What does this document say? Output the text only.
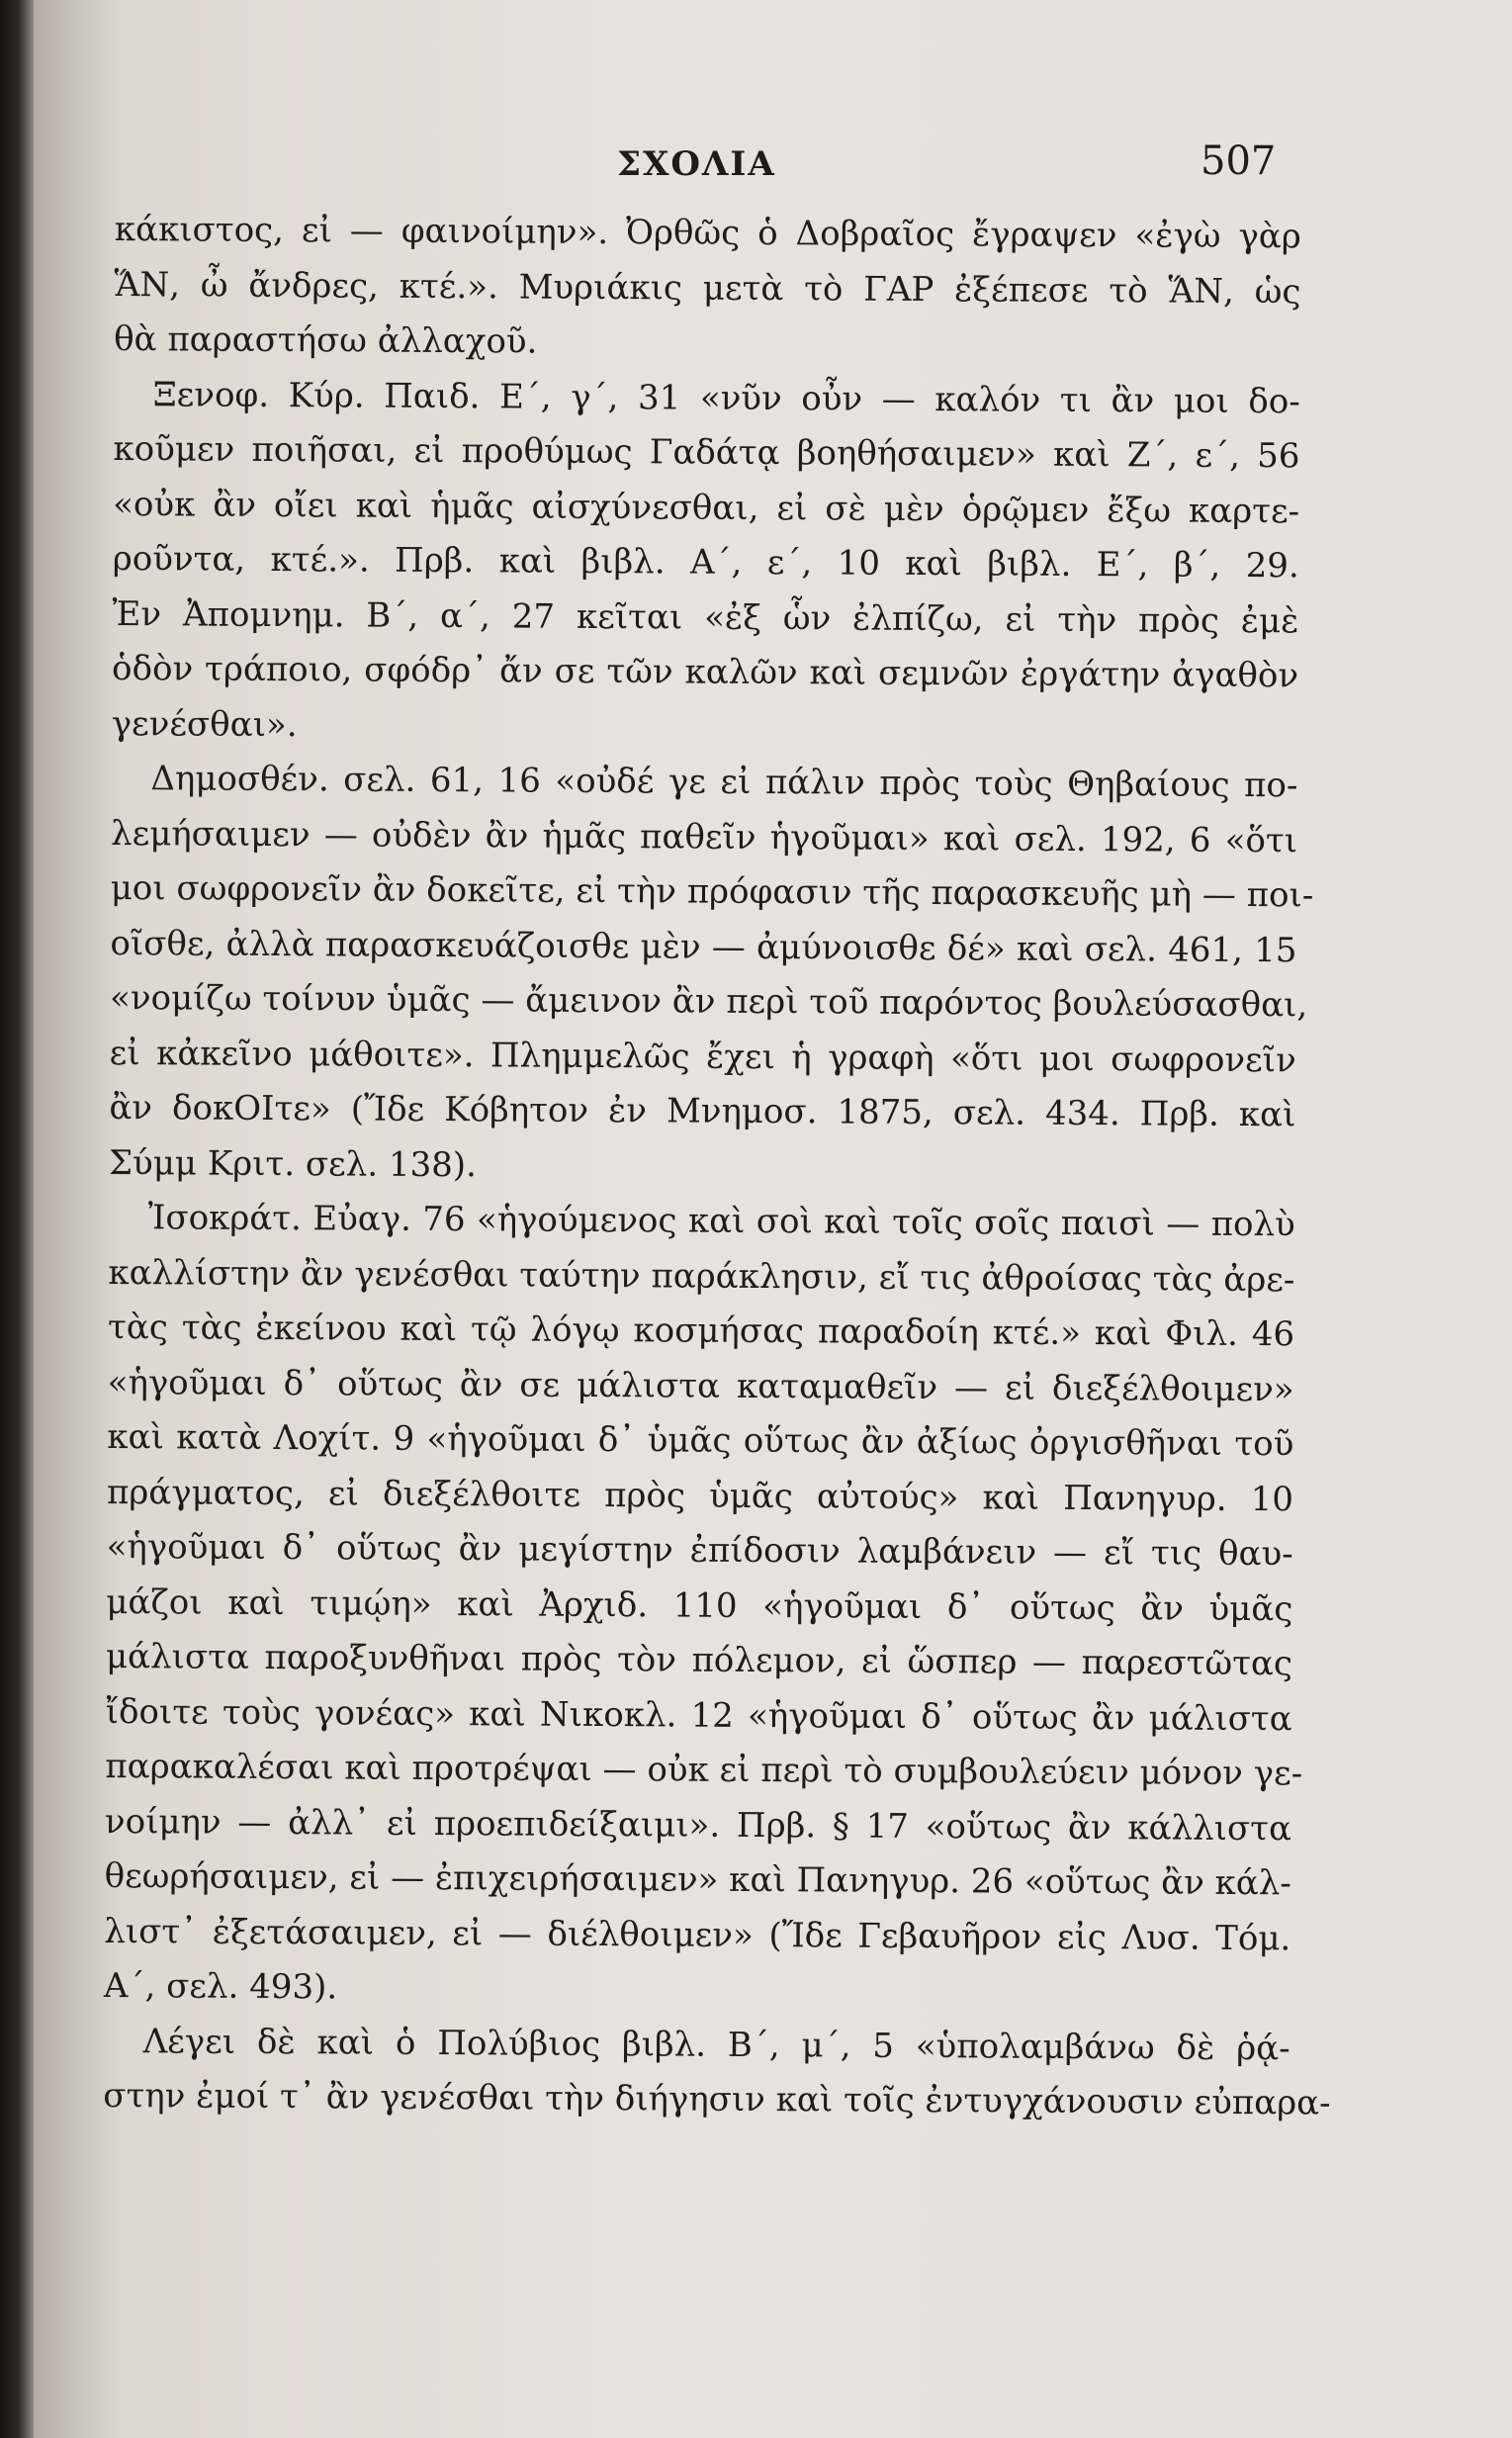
ΣΧΟΛΙΑ	507
κάκιστος, εἰ — φαινοίμην». Ὀρθῶς ὁ Δοβραῖος ἔγραψεν «ἐγὼ γὰρ
ἍΝ, ὦ ἄνδρες, κτέ.». Μυριάκις μετὰ τὸ ΓΑΡ ἐξέπεσε τὸ ἍΝ, ὡς
θὰ παραστήσω ἀλλαχοῦ.
Ξενοφ. Κύρ. Παιδ. Ε΄, γ΄, 31 «νῦν οὖν — καλόν τι ἂν μοι δο-
κοῦμεν ποιῆσαι, εἰ προθύμως Γαδάτᾳ βοηθήσαιμεν» καὶ Ζ΄, ε΄, 56
«οὐκ ἂν οἴει καὶ ἡμᾶς αἰσχύνεσθαι, εἰ σὲ μὲν ὁρῷμεν ἔξω καρτε-
ροῦντα, κτέ.». Πρβ. καὶ βιβλ. Α΄, ε΄, 10 καὶ βιβλ. Ε΄, β΄, 29.
Ἐν Ἀπομνημ. Β΄, α΄, 27 κεῖται «ἐξ ὧν ἐλπίζω, εἰ τὴν πρὸς ἐμὲ
ὁδὸν τράποιο, σφόδρ᾽ ἄν σε τῶν καλῶν καὶ σεμνῶν ἐργάτην ἀγαθὸν
γενέσθαι».
Δημοσθέν. σελ. 61, 16 «οὐδέ γε εἰ πάλιν πρὸς τοὺς Θηβαίους πο-
λεμήσαιμεν — οὐδὲν ἂν ἡμᾶς παθεῖν ἡγοῦμαι» καὶ σελ. 192, 6 «ὅτι
μοι σωφρονεῖν ἂν δοκεῖτε, εἰ τὴν πρόφασιν τῆς παρασκευῆς μὴ — ποι-
οῖσθε, ἀλλὰ παρασκευάζοισθε μὲν — ἀμύνοισθε δέ» καὶ σελ. 461, 15
«νομίζω τοίνυν ὑμᾶς — ἄμεινον ἂν περὶ τοῦ παρόντος βουλεύσασθαι,
εἰ κἀκεῖνο μάθοιτε». Πλημμελῶς ἔχει ἡ γραφὴ «ὅτι μοι σωφρονεῖν
ἂν δοκOIτε» (Ἴδε Κόβητον ἐν Μνημοσ. 1875, σελ. 434. Πρβ. καὶ
Σύμμ Κριτ. σελ. 138).
Ἰσοκράτ. Εὐαγ. 76 «ἡγούμενος καὶ σοὶ καὶ τοῖς σοῖς παισὶ — πολὺ
καλλίστην ἂν γενέσθαι ταύτην παράκλησιν, εἴ τις ἀθροίσας τὰς ἀρε-
τὰς τὰς ἐκείνου καὶ τῷ λόγῳ κοσμήσας παραδοίη κτέ.» καὶ Φιλ. 46
«ἡγοῦμαι δ᾽ οὕτως ἂν σε μάλιστα καταμαθεῖν — εἰ διεξέλθοιμεν»
καὶ κατὰ Λοχίτ. 9 «ἡγοῦμαι δ᾽ ὑμᾶς οὕτως ἂν ἀξίως ὀργισθῆναι τοῦ
πράγματος, εἰ διεξέλθοιτε πρὸς ὑμᾶς αὐτούς» καὶ Πανηγυρ. 10
«ἡγοῦμαι δ᾽ οὕτως ἂν μεγίστην ἐπίδοσιν λαμβάνειν — εἴ τις θαυ-
μάζοι καὶ τιμῴη» καὶ Ἀρχιδ. 110 «ἡγοῦμαι δ᾽ οὕτως ἂν ὑμᾶς
μάλιστα παροξυνθῆναι πρὸς τὸν πόλεμον, εἰ ὥσπερ — παρεστῶτας
ἴδοιτε τοὺς γονέας» καὶ Νικοκλ. 12 «ἡγοῦμαι δ᾽ οὕτως ἂν μάλιστα
παρακαλέσαι καὶ προτρέψαι — οὐκ εἰ περὶ τὸ συμβουλεύειν μόνον γε-
νοίμην — ἀλλ᾽ εἰ προεπιδείξαιμι». Πρβ. § 17 «οὕτως ἂν κάλλιστα
θεωρήσαιμεν, εἰ — ἐπιχειρήσαιμεν» καὶ Πανηγυρ. 26 «οὕτως ἂν κάλ-
λιστ᾽ ἐξετάσαιμεν, εἰ — διέλθοιμεν» (Ἴδε Γεβαυῆρον εἰς Λυσ. Τόμ.
Α΄, σελ. 493).
Λέγει δὲ καὶ ὁ Πολύβιος βιβλ. Β΄, μ΄, 5 «ὑπολαμβάνω δὲ ῥᾴ-
στην ἐμοί τ᾽ ἂν γενέσθαι τὴν διήγησιν καὶ τοῖς ἐντυγχάνουσιν εὐπαρα-
